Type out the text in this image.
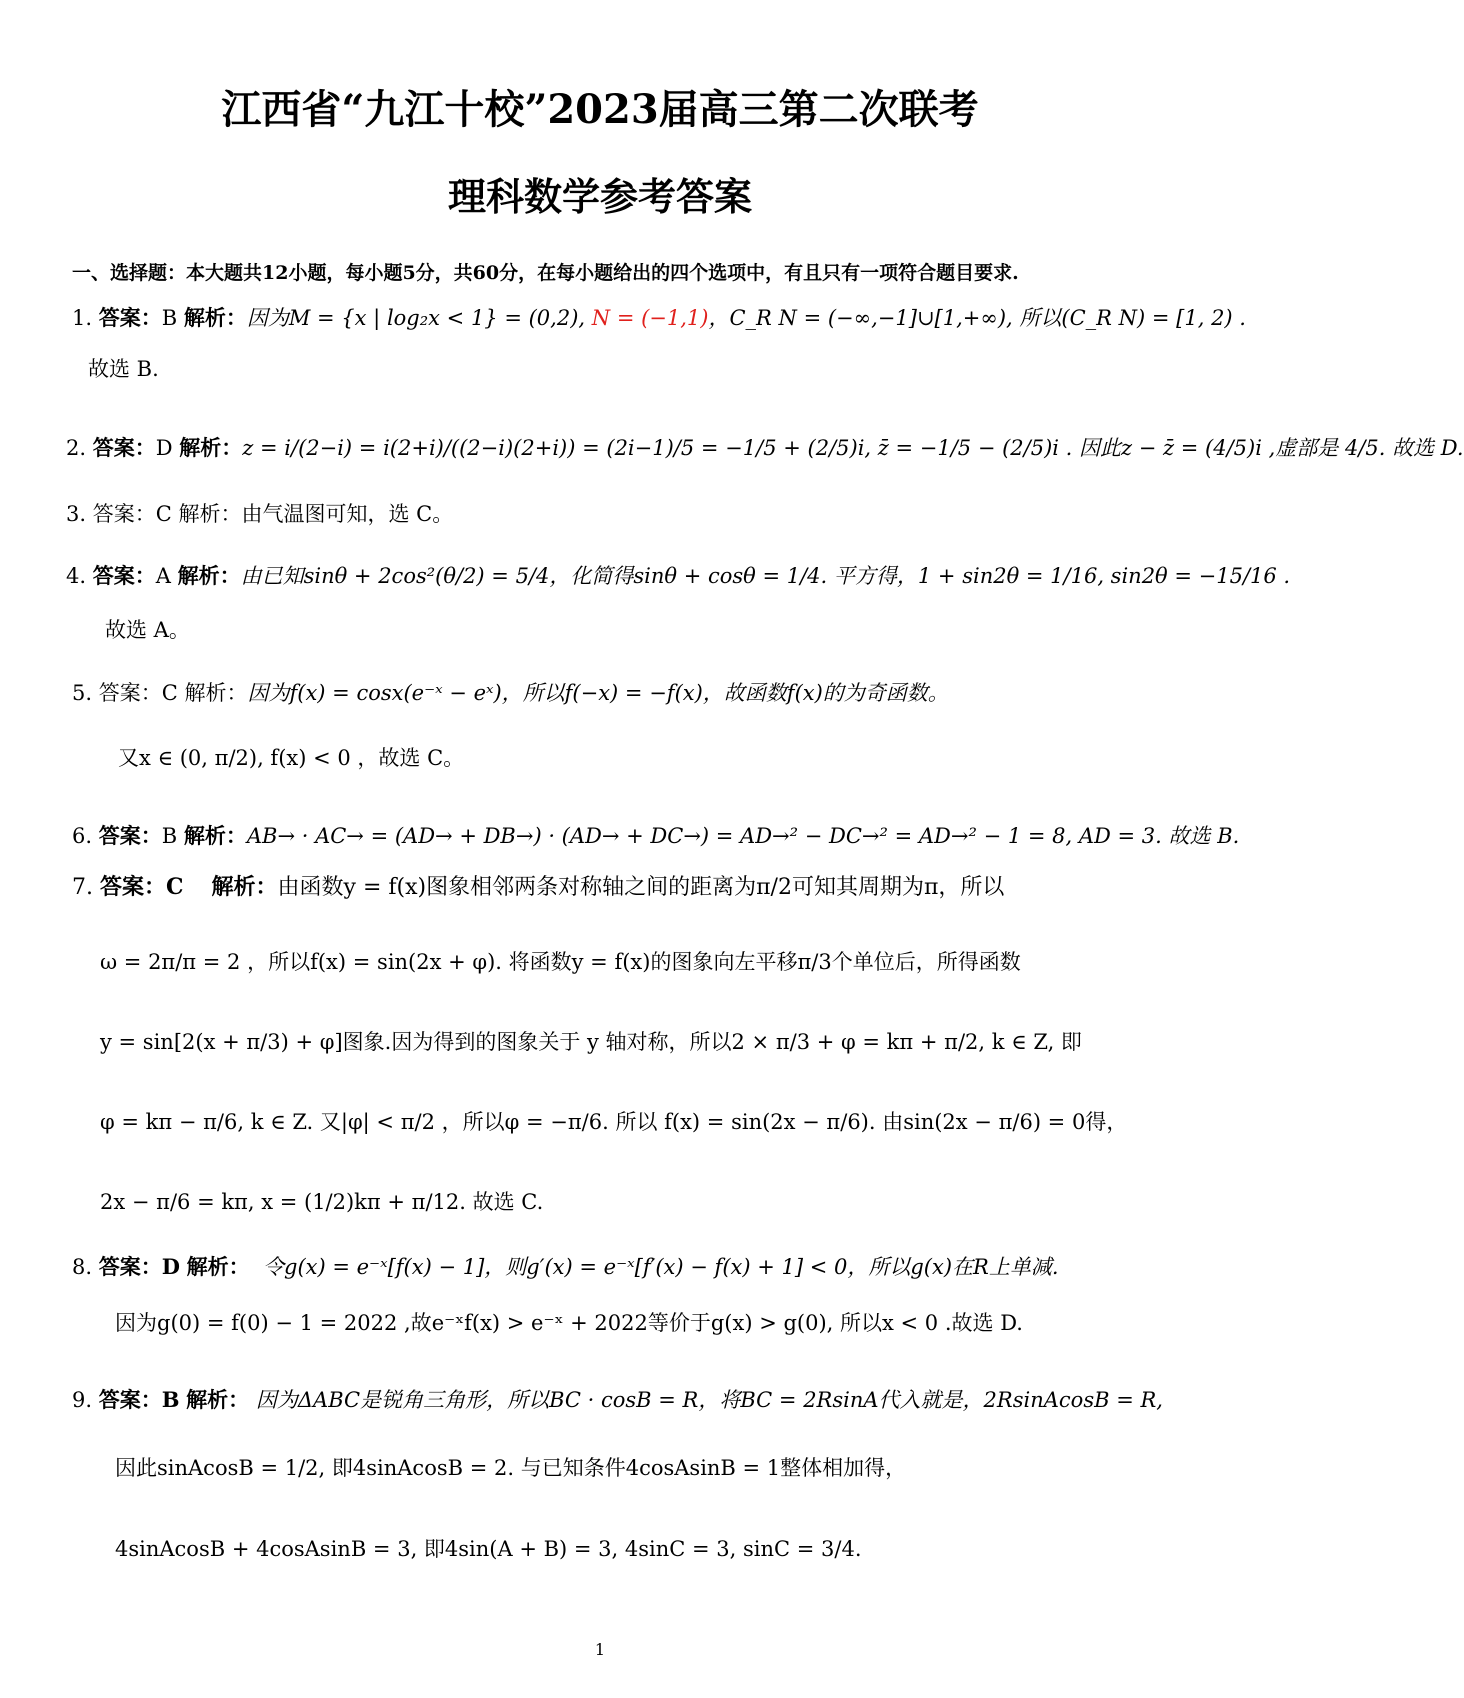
江西省“九江十校”2023届高三第二次联考
理科数学参考答案
一、选择题：本大题共12小题，每小题5分，共60分，在每小题给出的四个选项中，有且只有一项符合题目要求.
1. 答案：B 解析：因为M = {x | log₂x < 1} = (0,2), N = (−1,1)，C_R N = (−∞,−1]∪[1,+∞), 所以(C_R N) = [1, 2) .
故选 B.
2. 答案：D 解析：z = i/(2−i) = i(2+i)/((2−i)(2+i)) = (2i−1)/5 = −1/5 + (2/5)i, z̄ = −1/5 − (2/5)i . 因此z − z̄ = (4/5)i ,虚部是 4/5. 故选 D.
3. 答案：C 解析：由气温图可知，选 C。
4. 答案：A 解析：由已知sinθ + 2cos²(θ/2) = 5/4，化简得sinθ + cosθ = 1/4. 平方得，1 + sin2θ = 1/16, sin2θ = −15/16 .
故选 A。
5. 答案：C 解析：因为f(x) = cosx(e⁻ˣ − eˣ)，所以f(−x) = −f(x)，故函数f(x)的为奇函数。
又x ∈ (0, π/2), f(x) < 0 ，故选 C。
6. 答案：B 解析：AB→ · AC→ = (AD→ + DB→) · (AD→ + DC→) = AD→² − DC→² = AD→² − 1 = 8, AD = 3. 故选 B.
7. 答案：C 解析：由函数y = f(x)图象相邻两条对称轴之间的距离为π/2可知其周期为π，所以
ω = 2π/π = 2 ，所以f(x) = sin(2x + φ). 将函数y = f(x)的图象向左平移π/3个单位后，所得函数
y = sin[2(x + π/3) + φ]图象.因为得到的图象关于 y 轴对称，所以2 × π/3 + φ = kπ + π/2, k ∈ Z, 即
φ = kπ − π/6, k ∈ Z. 又|φ| < π/2 ，所以φ = −π/6. 所以 f(x) = sin(2x − π/6). 由sin(2x − π/6) = 0得，
2x − π/6 = kπ, x = (1/2)kπ + π/12. 故选 C.
8. 答案：D 解析： 令g(x) = e⁻ˣ[f(x) − 1]，则g′(x) = e⁻ˣ[f′(x) − f(x) + 1] < 0，所以g(x)在R上单减.
因为g(0) = f(0) − 1 = 2022 ,故e⁻ˣf(x) > e⁻ˣ + 2022等价于g(x) > g(0), 所以x < 0 .故选 D.
9. 答案：B 解析： 因为ΔABC是锐角三角形，所以BC · cosB = R，将BC = 2RsinA代入就是，2RsinAcosB = R,
因此sinAcosB = 1/2, 即4sinAcosB = 2. 与已知条件4cosAsinB = 1整体相加得，
4sinAcosB + 4cosAsinB = 3, 即4sin(A + B) = 3, 4sinC = 3, sinC = 3/4.
1
